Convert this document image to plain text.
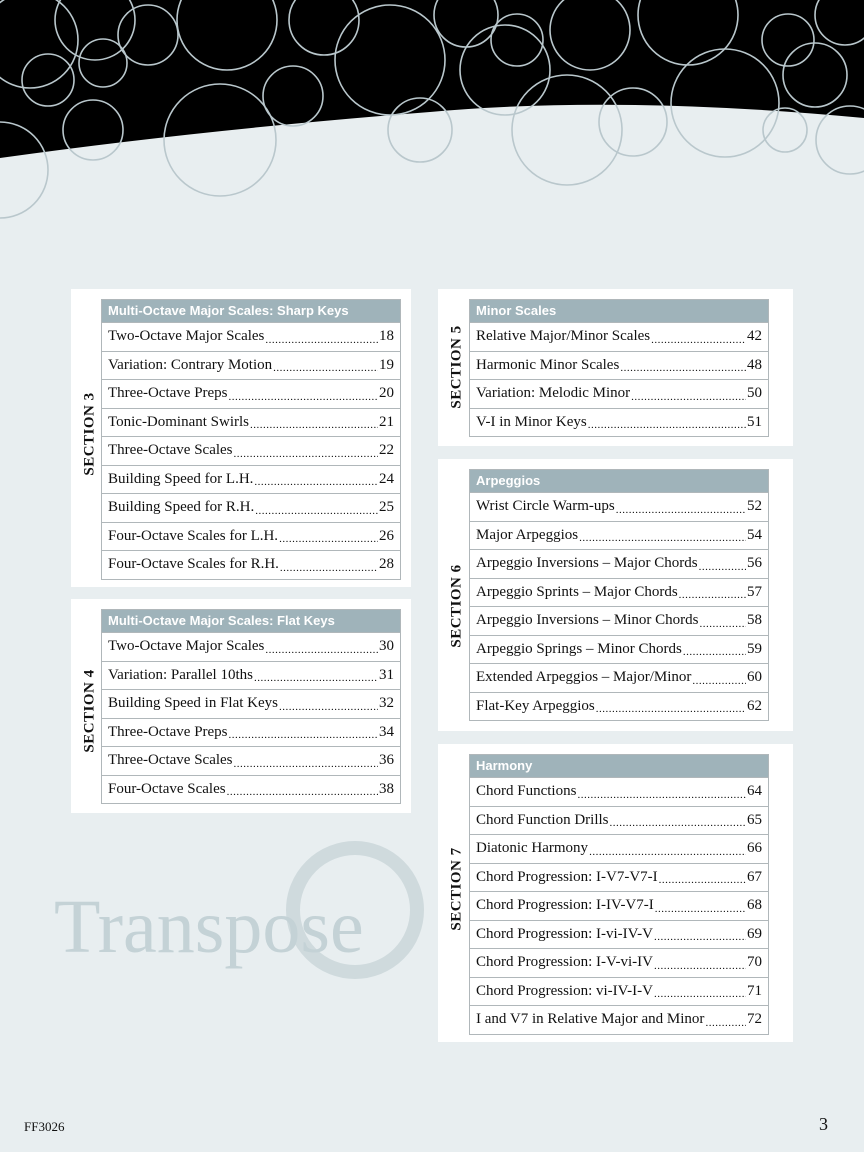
Transpose
SECTION 3
Multi-Octave Major Scales: Sharp Keys
Two-Octave Major Scales .....	18
Variation: Contrary Motion .....	19
Three-Octave Preps .....	20
Tonic-Dominant Swirls .....	21
Three-Octave Scales .....	22
Building Speed for L.H. .....	24
Building Speed for R.H. .....	25
Four-Octave Scales for L.H. .....	26
Four-Octave Scales for R.H. .....	28
SECTION 4
Multi-Octave Major Scales: Flat Keys
Two-Octave Major Scales .....	30
Variation: Parallel 10ths .....	31
Building Speed in Flat Keys .....	32
Three-Octave Preps .....	34
Three-Octave Scales .....	36
Four-Octave Scales .....	38
SECTION 5
Minor Scales
Relative Major/Minor Scales .....	42
Harmonic Minor Scales .....	48
Variation: Melodic Minor .....	50
V-I in Minor Keys .....	51
SECTION 6
Arpeggios
Wrist Circle Warm-ups .....	52
Major Arpeggios .....	54
Arpeggio Inversions – Major Chords .....	56
Arpeggio Sprints – Major Chords .....	57
Arpeggio Inversions – Minor Chords .....	58
Arpeggio Springs – Minor Chords .....	59
Extended Arpeggios – Major/Minor .....	60
Flat-Key Arpeggios .....	62
SECTION 7
Harmony
Chord Functions .....	64
Chord Function Drills .....	65
Diatonic Harmony .....	66
Chord Progression: I-V7-V7-I .....	67
Chord Progression: I-IV-V7-I .....	68
Chord Progression: I-vi-IV-V .....	69
Chord Progression: I-V-vi-IV .....	70
Chord Progression: vi-IV-I-V .....	71
I and V7 in Relative Major and Minor .....	72
FF3026	3
